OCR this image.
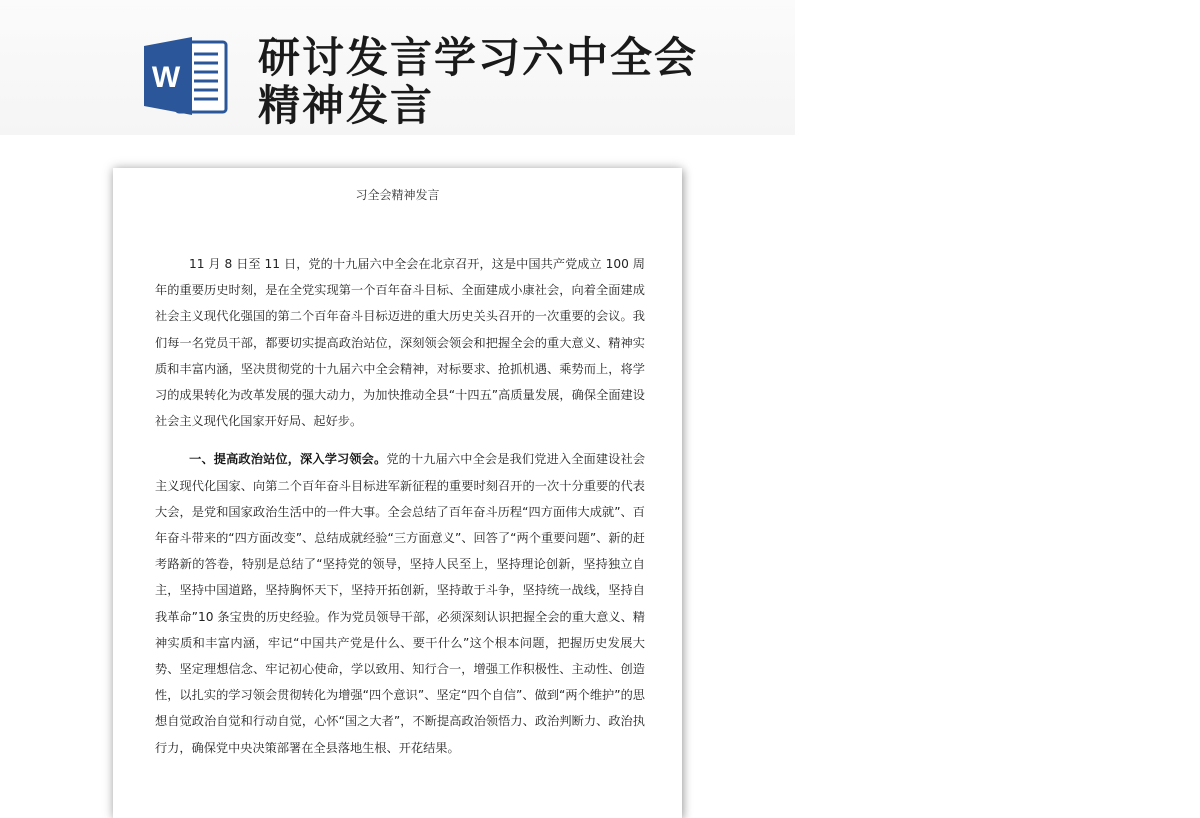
W 研讨发言学习六中全会精神发言
习全会精神发言

11 月 8 日至 11 日，党的十九届六中全会在北京召开，这是中国共产党成立 100 周年的重要历史时刻，是在全党实现第一个百年奋斗目标、全面建成小康社会，向着全面建成社会主义现代化强国的第二个百年奋斗目标迈进的重大历史关头召开的一次重要的会议。我们每一名党员干部，都要切实提高政治站位，深刻领会领会和把握全会的重大意义、精神实质和丰富内涵，坚决贯彻党的十九届六中全会精神，对标要求、抢抓机遇、乘势而上，将学习的成果转化为改革发展的强大动力，为加快推动全县“十四五”高质量发展，确保全面建设社会主义现代化国家开好局、起好步。

一、提高政治站位，深入学习领会。党的十九届六中全会是我们党进入全面建设社会主义现代化国家、向第二个百年奋斗目标进军新征程的重要时刻召开的一次十分重要的代表大会，是党和国家政治生活中的一件大事。全会总结了百年奋斗历程“四方面伟大成就”、百年奋斗带来的“四方面改变”、总结成就经验“三方面意义”、回答了“两个重要问题”、新的赶考路新的答卷，特别是总结了“坚持党的领导，坚持人民至上，坚持理论创新，坚持独立自主，坚持中国道路，坚持胸怀天下，坚持开拓创新，坚持敢于斗争，坚持统一战线，坚持自我革命”10 条宝贵的历史经验。作为党员领导干部，必须深刻认识把握全会的重大意义、精神实质和丰富内涵，牢记“中国共产党是什么、要干什么”这个根本问题，把握历史发展大势、坚定理想信念、牢记初心使命，学以致用、知行合一，增强工作积极性、主动性、创造性，以扎实的学习领会贯彻转化为增强“四个意识”、坚定“四个自信”、做到“两个维护”的思想自觉政治自觉和行动自觉，心怀“国之大者”，不断提高政治领悟力、政治判断力、政治执行力，确保党中央决策部署在全县落地生根、开花结果。
